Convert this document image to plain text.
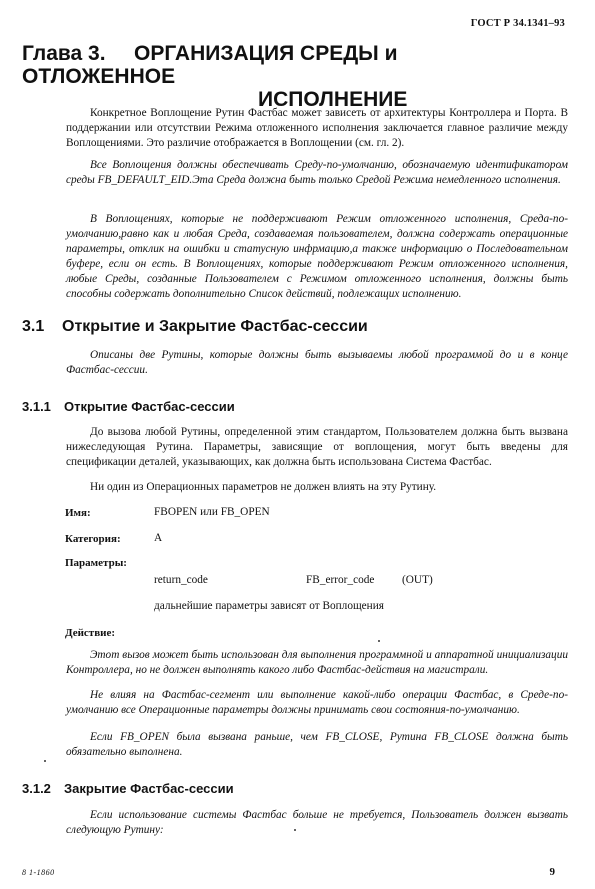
ГОСТ Р 34.1341–93
Глава 3. ОРГАНИЗАЦИЯ СРЕДЫ и ОТЛОЖЕННОЕ
ИСПОЛНЕНИЕ
Конкретное Воплощение Рутин Фастбас может зависеть от архитектуры Контроллера и Порта. В поддержании или отсутствии Режима отложенного исполнения заключается главное различие между Воплощениями. Это различие отображается в Воплощении (см. гл. 2).
Все Воплощения должны обеспечивать Среду-по-умолчанию, обозначаемую идентификатором среды FB_DEFAULT_EID.Эта Среда должна быть только Средой Режима немедленного исполнения.
В Воплощениях, которые не поддерживают Режим отложенного исполнения, Среда-по-умолчанию,равно как и любая Среда, создаваемая пользователем, должна содержать операционные параметры, отклик на ошибки и статусную инфрмацию,а также информацию о Последовательном буфере, если он есть. В Воплощениях, которые поддерживают Режим отложенного исполнения, любые Среды, созданные Пользователем с Режимом отложенного исполнения, должны быть способны содержать дополнительно Список действий, подлежащих исполнению.
3.1 Открытие и Закрытие Фастбас-сессии
Описаны две Рутины, которые должны быть вызываемы любой программой до и в конце Фастбас-сессии.
3.1.1 Открытие Фастбас-сессии
До вызова любой Рутины, определенной этим стандартом, Пользователем должна быть вызвана нижеследующая Рутина. Параметры, зависящие от воплощения, могут быть введены для спецификации деталей, указывающих, как должна быть использована Система Фастбас.
Ни один из Операционных параметров не должен влиять на эту Рутину.
Имя:	FBOPEN или FB_OPEN
Категория:	A
Параметры:
return_code	FB_error_code (OUT)
дальнейшие параметры зависят от Воплощения
Действие:
Этот вызов может быть использован для выполнения программной и аппаратной инициализации Контроллера, но не должен выполнять какого либо Фастбас-действия на магистрали.
Не влияя на Фастбас-сегмент или выполнение какой-либо операции Фастбас, в Среде-по-умолчанию все Операционные параметры должны принимать свои состояния-по-умолчанию.
Если FB_OPEN была вызвана раньше, чем FB_CLOSE, Рутина FB_CLOSE должна быть обязательно выполнена.
3.1.2 Закрытие Фастбас-сессии
Если использование системы Фастбас больше не требуется, Пользователь должен вызвать следующую Рутину:
8 1-1860	9
